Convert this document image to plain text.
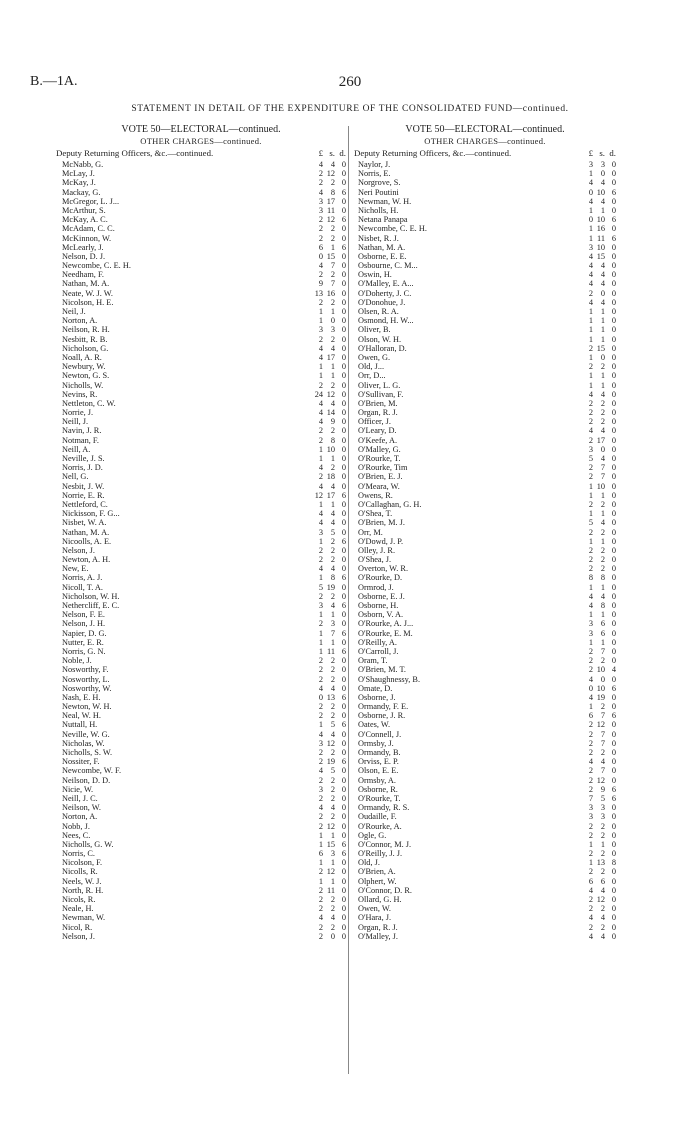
B.—1A.	260
STATEMENT IN DETAIL OF THE EXPENDITURE OF THE CONSOLIDATED FUND—continued.
VOTE 50—ELECTORAL—continued.
OTHER CHARGES—continued.
Deputy Returning Officers, &c.—continued.	£ s. d.
McNabb, G.	4 4 0
McLay, J.	2 12 0
McKay, J.	2 2 0
Mackay, G.	4 8 6
McGregor, L. J...	3 17 0
McArthur, S.	3 11 0
McKay, A. C.	2 12 6
McAdam, C. C.	2 2 0
McKinnon, W.	2 2 0
McLearly, J.	6 1 6
Nelson, D. J.	0 15 0
Newcombe, C. E. H.	4 7 0
Needham, F.	2 2 0
Nathan, M. A.	9 7 0
Neate, W. J. W.	13 16 0
Nicolson, H. E.	2 2 0
Neil, J.	1 1 0
Norton, A.	1 0 0
Neilson, R. H.	3 3 0
Nesbitt, R. B.	2 2 0
Nicholson, G.	4 4 0
Noall, A. R.	4 17 0
Newbury, W.	1 1 0
Newton, G. S.	1 1 0
Nicholls, W.	2 2 0
Nevins, R.	24 12 0
Nettleton, C. W.	4 4 0
Norrie, J.	4 14 0
Neill, J.	4 9 0
Navin, J. R.	2 2 0
Notman, F.	2 8 0
Neill, A.	1 10 0
Neville, J. S.	1 1 0
Norris, J. D.	4 2 0
Nell, G.	2 18 0
Nesbit, J. W.	4 4 0
Norrie, E. R.	12 17 6
Nettleford, C.	1 1 0
Nickisson, F. G...	4 4 0
Nisbet, W. A.	4 4 0
Nathan, M. A.	3 5 0
Nicoolls, A. E.	1 2 6
Nelson, J.	2 2 0
Newton, A. H.	2 2 0
New, E.	4 4 0
Norris, A. J.	1 8 6
Nicoll, T. A.	5 19 0
Nicholson, W. H.	2 2 0
Nethercliff, E. C.	3 4 6
Nelson, F. E.	1 1 0
Nelson, J. H.	2 3 0
Napier, D. G.	1 7 6
Nutter, E. R.	1 1 0
Norris, G. N.	1 11 6
Noble, J.	2 2 0
Nosworthy, F.	2 2 0
Nosworthy, L.	2 2 0
Nosworthy, W.	4 4 0
Nash, E. H.	0 13 6
Newton, W. H.	2 2 0
Neal, W. H.	2 2 0
Nuttall, H.	1 5 6
Neville, W. G.	4 4 0
Nicholas, W.	3 12 0
Nicholls, S. W.	2 2 0
Nossiter, F.	2 19 6
Newcombe, W. F.	4 5 0
Neilson, D. D.	2 2 0
Nicie, W.	3 2 0
Neill, J. C.	2 2 0
Neilson, W.	4 4 0
Norton, A.	2 2 0
Nobb, J.	2 12 0
Nees, C.	1 1 0
Nicholls, G. W.	1 15 6
Norris, C.	6 3 6
Nicolson, F.	1 1 0
Nicolls, R.	2 12 0
Neels, W. J.	1 1 0
North, R. H.	2 11 0
Nicols, R.	2 2 0
Neale, H.	2 2 0
Newman, W.	4 4 0
Nicol, R.	2 2 0
Nelson, J.	2 0 0
VOTE 50—ELECTORAL—continued.
OTHER CHARGES—continued.
Deputy Returning Officers, &c.—continued.	£ s. d.
Naylor, J.	3 3 0
Norris, E.	1 0 0
Norgrove, S.	4 4 0
Neri Poutini	0 10 6
Newman, W. H.	4 4 0
Nicholls, H.	1 1 0
Netana Panapa	0 10 6
Newcombe, C. E. H.	1 16 0
Nisbet, R. J.	1 11 6
Nathan, M. A.	3 10 0
Osborne, E. E.	4 15 0
Osbourne, C. M...	4 4 0
Oswin, H.	4 4 0
O'Malley, E. A...	4 4 0
O'Doherty, J. C.	2 0 0
O'Donohue, J.	4 4 0
Olsen, R. A.	1 1 0
Osmond, H. W...	1 1 0
Oliver, B.	1 1 0
Olson, W. H.	1 1 0
O'Halloran, D.	2 15 0
Owen, G.	1 0 0
Old, J...	2 2 0
Orr, D...	1 1 0
Oliver, L. G.	1 1 0
O'Sullivan, F.	4 4 0
O'Brien, M.	2 2 0
Organ, R. J.	2 2 0
Officer, J.	2 2 0
O'Leary, D.	4 4 0
O'Keefe, A.	2 17 0
O'Malley, G.	3 0 0
O'Rourke, T.	5 4 0
O'Rourke, Tim	2 7 0
O'Brien, E. J.	2 7 0
O'Meara, W.	1 10 0
Owens, R.	1 1 0
O'Callaghan, G. H.	2 2 0
O'Shea, T.	1 1 0
O'Brien, M. J.	5 4 0
Orr, M.	2 2 0
O'Dowd, J. P.	1 1 0
Olley, J. R.	2 2 0
O'Shea, J.	2 2 0
Overton, W. R.	2 2 0
O'Rourke, D.	8 8 0
Ormrod, J.	1 1 0
Osborne, E. J.	4 4 0
Osborne, H.	4 8 0
Osborn, V. A.	1 1 0
O'Rourke, A. J...	3 6 0
O'Rourke, E. M.	3 6 0
O'Reilly, A.	1 1 0
O'Carroll, J.	2 7 0
Oram, T.	2 2 0
O'Brien, M. T.	2 10 4
O'Shaughnessy, B.	4 0 0
Omate, D.	0 10 6
Osborne, J.	4 19 0
Ormandy, F. E.	1 2 0
Osborne, J. R.	6 7 6
Oates, W.	2 12 0
O'Connell, J.	2 7 0
Ormsby, J.	2 7 0
Ormandy, B.	2 2 0
Orviss, E. P.	4 4 0
Olson, E. E.	2 7 0
Ormsby, A.	2 12 0
Osborne, R.	2 9 6
O'Rourke, T.	7 5 6
Ormandy, R. S.	3 3 0
Oudaille, F.	3 3 0
O'Rourke, A.	2 2 0
Ogle, G.	2 2 0
O'Connor, M. J.	1 1 0
O'Reilly, J. J.	2 2 0
Old, J.	1 13 8
O'Brien, A.	2 2 0
Olphert, W.	6 6 0
O'Connor, D. R.	4 4 0
Ollard, G. H.	2 12 0
Owen, W.	2 2 0
O'Hara, J.	4 4 0
Organ, R. J.	2 2 0
O'Malley, J.	4 4 0
